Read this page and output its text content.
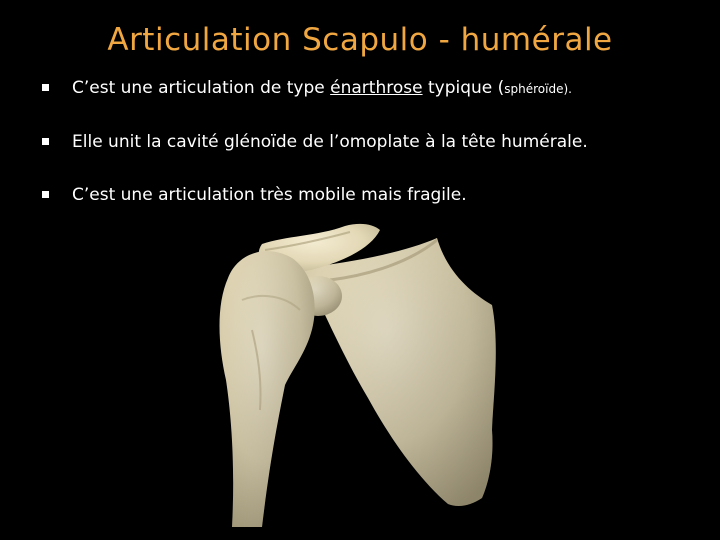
Articulation Scapulo - humérale
C’est une articulation de type énarthrose typique (sphéroïde).
Elle unit la cavité glénoïde de l’omoplate à la tête humérale.
C’est une articulation très mobile mais fragile.
